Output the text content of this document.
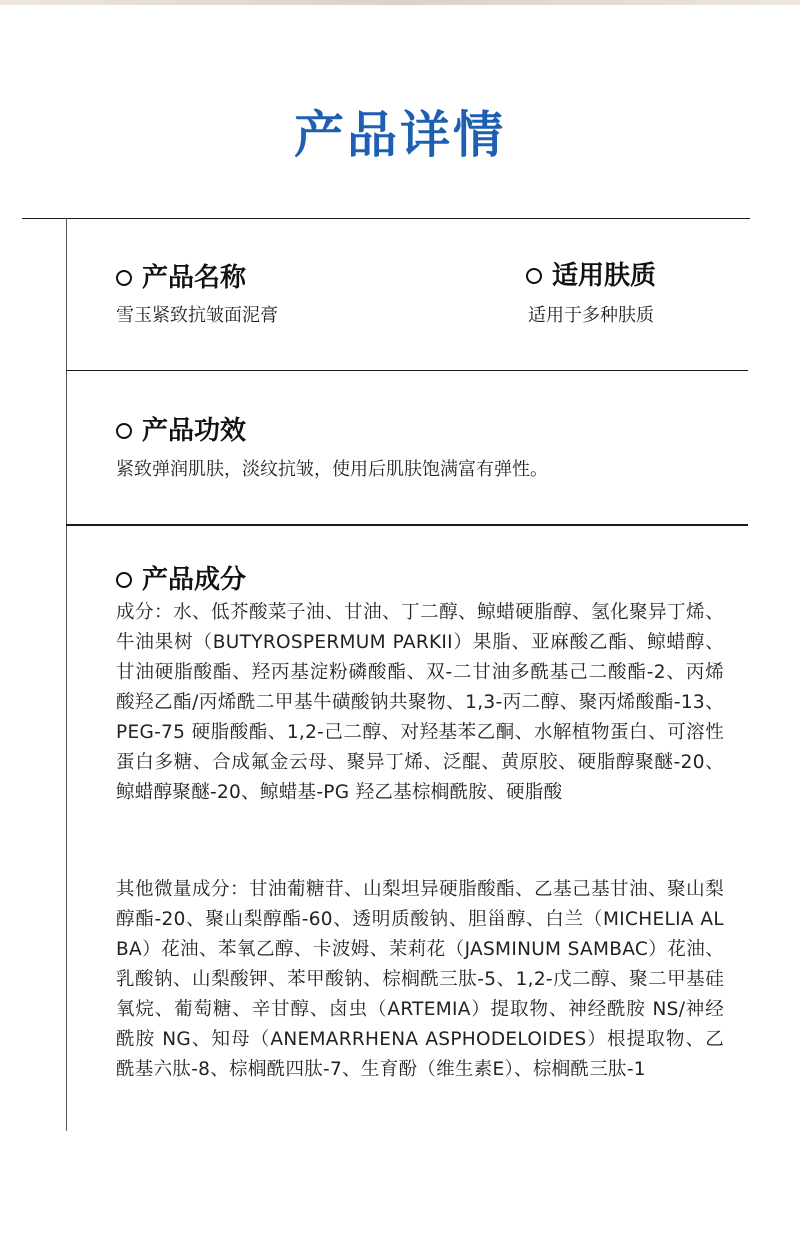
产品详情
产品名称
雪玉紧致抗皱面泥膏
适用肤质
适用于多种肤质
产品功效
紧致弹润肌肤，淡纹抗皱，使用后肌肤饱满富有弹性。
产品成分
成分：水、低芥酸菜子油、甘油、丁二醇、鲸蜡硬脂醇、氢化聚异丁烯、牛油果树（BUTYROSPERMUM PARKII）果脂、亚麻酸乙酯、鲸蜡醇、甘油硬脂酸酯、羟丙基淀粉磷酸酯、双-二甘油多酰基己二酸酯-2、丙烯酸羟乙酯/丙烯酰二甲基牛磺酸钠共聚物、1,3-丙二醇、聚丙烯酸酯-13、PEG-75 硬脂酸酯、1,2-己二醇、对羟基苯乙酮、水解植物蛋白、可溶性蛋白多糖、合成氟金云母、聚异丁烯、泛醌、黄原胶、硬脂醇聚醚-20、鲸蜡醇聚醚-20、鲸蜡基-PG 羟乙基棕榈酰胺、硬脂酸
其他微量成分：甘油葡糖苷、山梨坦异硬脂酸酯、乙基己基甘油、聚山梨醇酯-20、聚山梨醇酯-60、透明质酸钠、胆甾醇、白兰（MICHELIA ALBA）花油、苯氧乙醇、卡波姆、茉莉花（JASMINUM SAMBAC）花油、乳酸钠、山梨酸钾、苯甲酸钠、棕榈酰三肽-5、1,2-戊二醇、聚二甲基硅氧烷、葡萄糖、辛甘醇、卤虫（ARTEMIA）提取物、神经酰胺 NS/神经酰胺 NG、知母（ANEMARRHENA ASPHODELOIDES）根提取物、乙酰基六肽-8、棕榈酰四肽-7、生育酚（维生素E）、棕榈酰三肽-1
